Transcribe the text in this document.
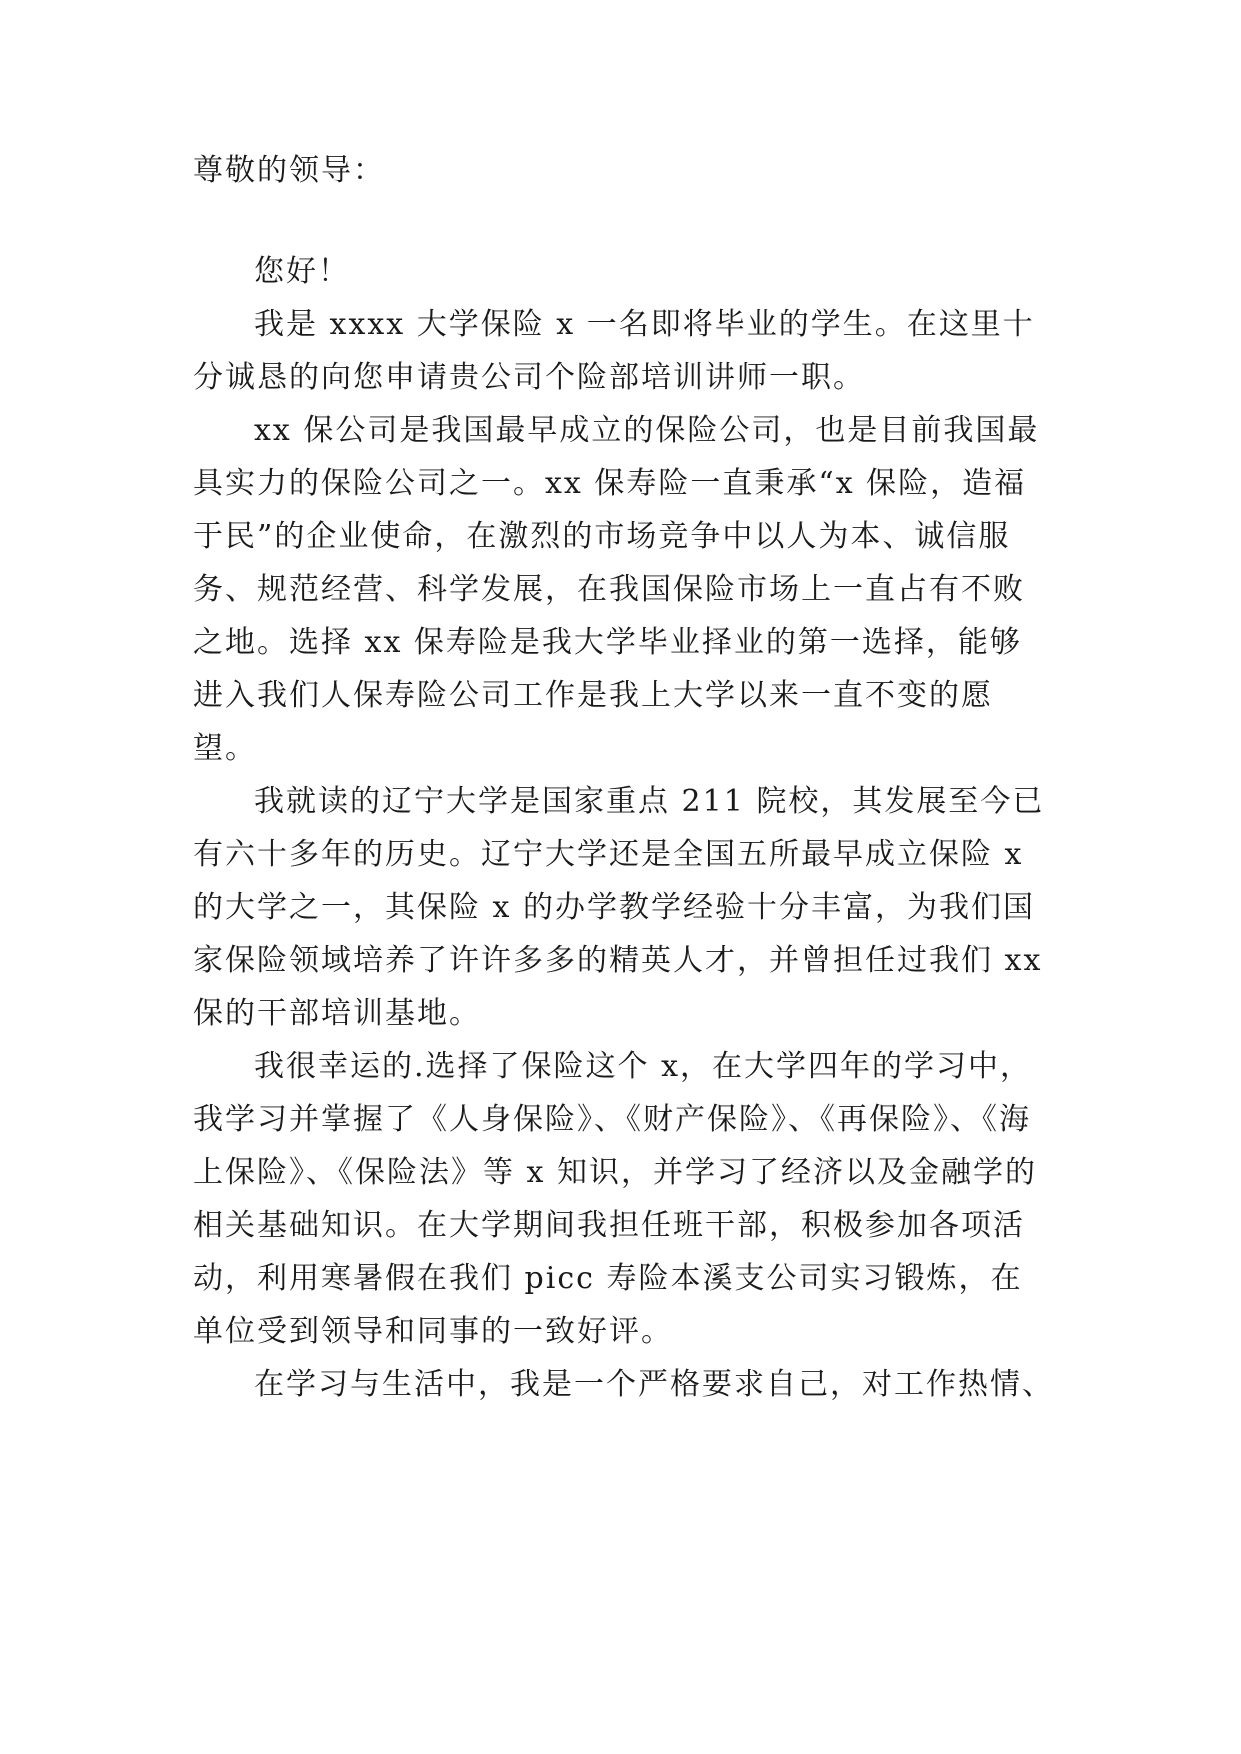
尊敬的领导：
您好！
我是 xxxx 大学保险 x 一名即将毕业的学生。在这里十
分诚恳的向您申请贵公司个险部培训讲师一职。
xx 保公司是我国最早成立的保险公司，也是目前我国最
具实力的保险公司之一。xx 保寿险一直秉承“x 保险，造福
于民”的企业使命，在激烈的市场竞争中以人为本、诚信服
务、规范经营、科学发展，在我国保险市场上一直占有不败
之地。选择 xx 保寿险是我大学毕业择业的第一选择，能够
进入我们人保寿险公司工作是我上大学以来一直不变的愿
望。
我就读的辽宁大学是国家重点 211 院校，其发展至今已
有六十多年的历史。辽宁大学还是全国五所最早成立保险 x
的大学之一，其保险 x 的办学教学经验十分丰富，为我们国
家保险领域培养了许许多多的精英人才，并曾担任过我们 xx
保的干部培训基地。
我很幸运的.选择了保险这个 x，在大学四年的学习中，
我学习并掌握了《人身保险》、《财产保险》、《再保险》、《海
上保险》、《保险法》等 x 知识，并学习了经济以及金融学的
相关基础知识。在大学期间我担任班干部，积极参加各项活
动，利用寒暑假在我们 picc 寿险本溪支公司实习锻炼，在
单位受到领导和同事的一致好评。
在学习与生活中，我是一个严格要求自己，对工作热情、
